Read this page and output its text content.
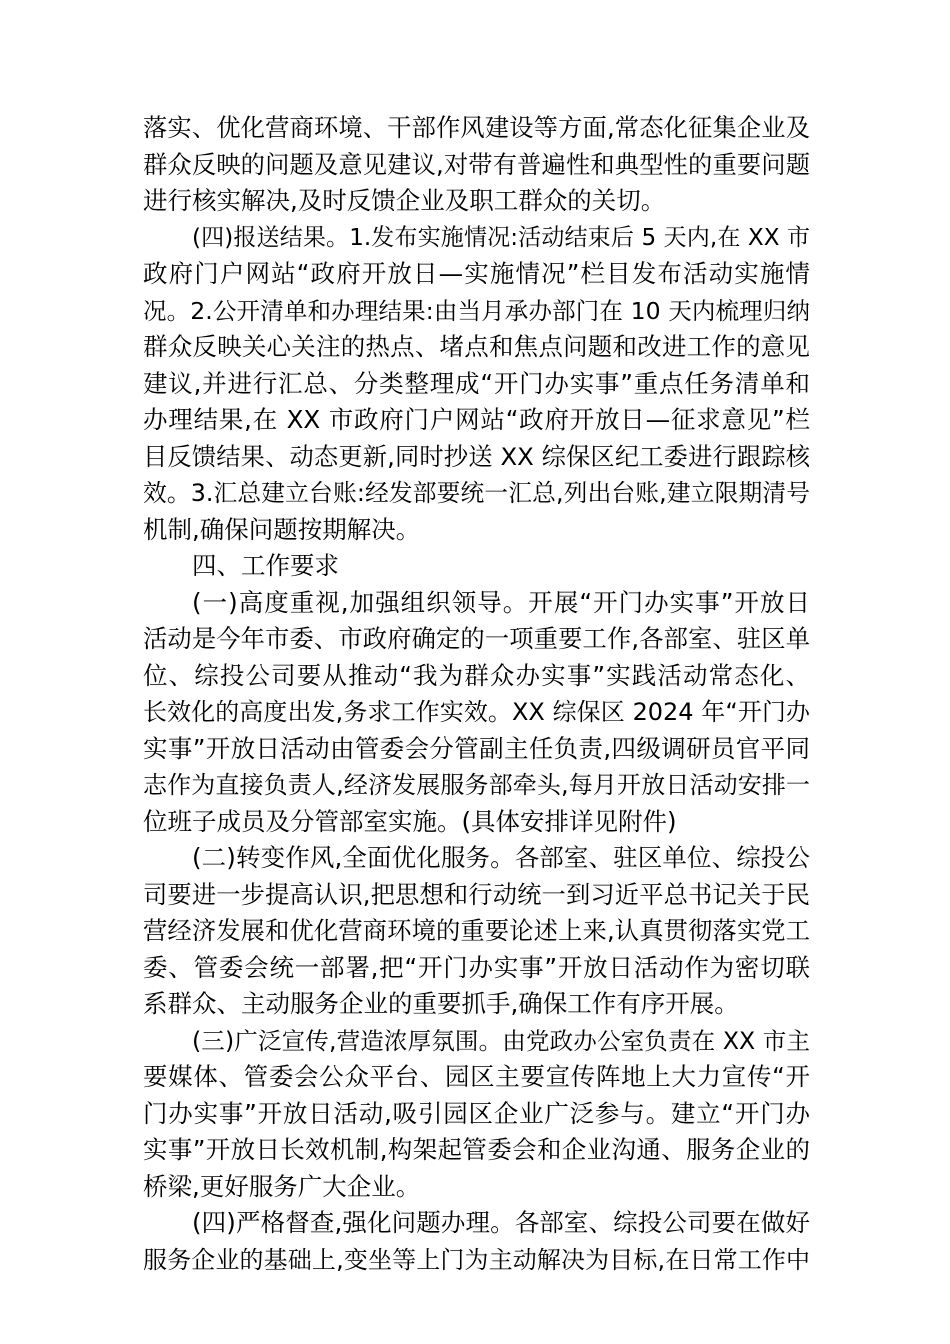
落实、优化营商环境、干部作风建设等方面,常态化征集企业及
群众反映的问题及意见建议,对带有普遍性和典型性的重要问题
进行核实解决,及时反馈企业及职工群众的关切。
(四)报送结果。1.发布实施情况:活动结束后 5 天内,在 XX 市
政府门户网站“政府开放日—实施情况”栏目发布活动实施情
况。2.公开清单和办理结果:由当月承办部门在 10 天内梳理归纳
群众反映关心关注的热点、堵点和焦点问题和改进工作的意见
建议,并进行汇总、分类整理成“开门办实事”重点任务清单和
办理结果,在 XX 市政府门户网站“政府开放日—征求意见”栏
目反馈结果、动态更新,同时抄送 XX 综保区纪工委进行跟踪核
效。3.汇总建立台账:经发部要统一汇总,列出台账,建立限期清号
机制,确保问题按期解决。
四、工作要求
(一)高度重视,加强组织领导。开展“开门办实事”开放日
活动是今年市委、市政府确定的一项重要工作,各部室、驻区单
位、综投公司要从推动“我为群众办实事”实践活动常态化、
长效化的高度出发,务求工作实效。XX 综保区 2024 年“开门办
实事”开放日活动由管委会分管副主任负责,四级调研员官平同
志作为直接负责人,经济发展服务部牵头,每月开放日活动安排一
位班子成员及分管部室实施。(具体安排详见附件)
(二)转变作风,全面优化服务。各部室、驻区单位、综投公
司要进一步提高认识,把思想和行动统一到习近平总书记关于民
营经济发展和优化营商环境的重要论述上来,认真贯彻落实党工
委、管委会统一部署,把“开门办实事”开放日活动作为密切联
系群众、主动服务企业的重要抓手,确保工作有序开展。
(三)广泛宣传,营造浓厚氛围。由党政办公室负责在 XX 市主
要媒体、管委会公众平台、园区主要宣传阵地上大力宣传“开
门办实事”开放日活动,吸引园区企业广泛参与。建立“开门办
实事”开放日长效机制,构架起管委会和企业沟通、服务企业的
桥梁,更好服务广大企业。
(四)严格督查,强化问题办理。各部室、综投公司要在做好
服务企业的基础上,变坐等上门为主动解决为目标,在日常工作中
